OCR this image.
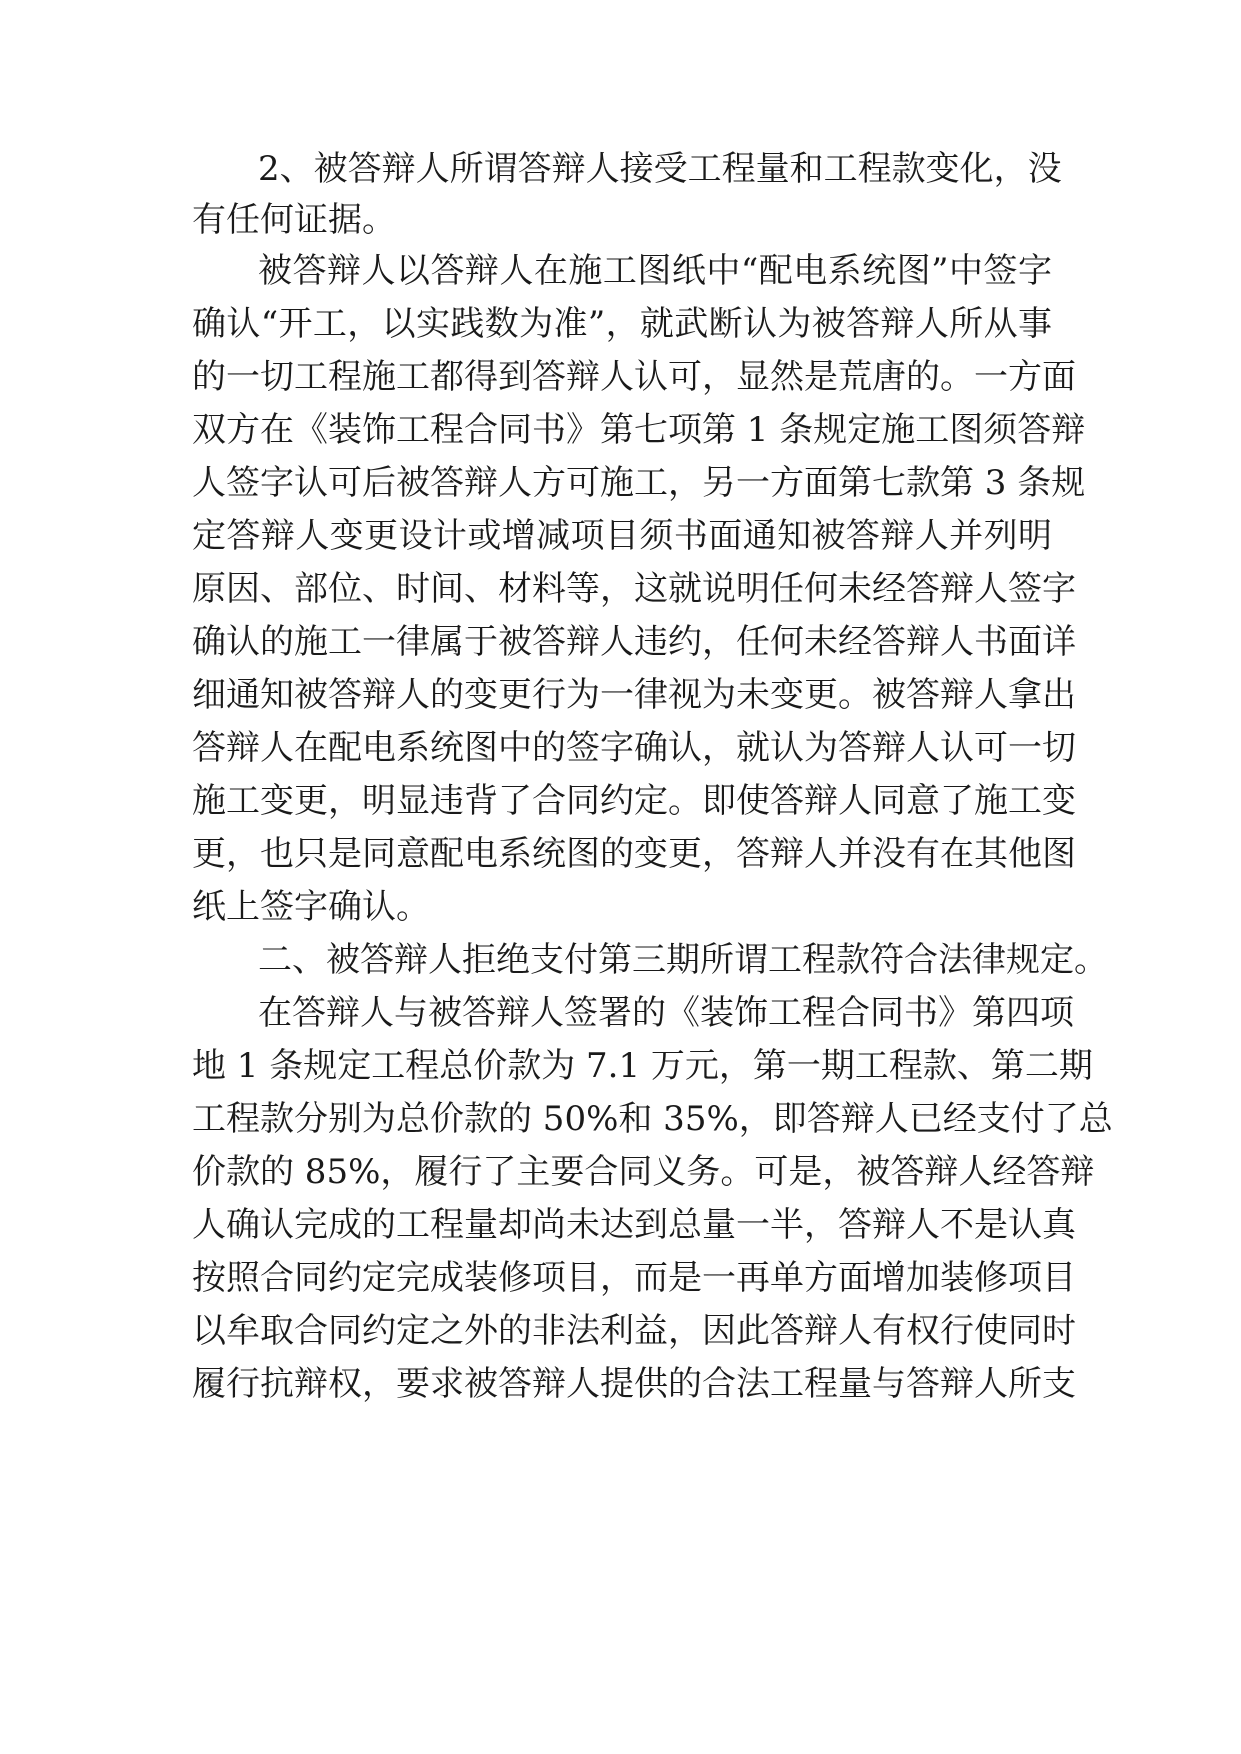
2、被答辩人所谓答辩人接受工程量和工程款变化，没
有任何证据。
被答辩人以答辩人在施工图纸中“配电系统图”中签字
确认“开工，以实践数为准”，就武断认为被答辩人所从事
的一切工程施工都得到答辩人认可，显然是荒唐的。一方面
双方在《装饰工程合同书》第七项第 1 条规定施工图须答辩
人签字认可后被答辩人方可施工，另一方面第七款第 3 条规
定答辩人变更设计或增减项目须书面通知被答辩人并列明
原因、部位、时间、材料等，这就说明任何未经答辩人签字
确认的施工一律属于被答辩人违约，任何未经答辩人书面详
细通知被答辩人的变更行为一律视为未变更。被答辩人拿出
答辩人在配电系统图中的签字确认，就认为答辩人认可一切
施工变更，明显违背了合同约定。即使答辩人同意了施工变
更，也只是同意配电系统图的变更，答辩人并没有在其他图
纸上签字确认。
二、被答辩人拒绝支付第三期所谓工程款符合法律规定。
在答辩人与被答辩人签署的《装饰工程合同书》第四项
地 1 条规定工程总价款为 7.1 万元，第一期工程款、第二期
工程款分别为总价款的 50%和 35%，即答辩人已经支付了总
价款的 85%，履行了主要合同义务。可是，被答辩人经答辩
人确认完成的工程量却尚未达到总量一半，答辩人不是认真
按照合同约定完成装修项目，而是一再单方面增加装修项目
以牟取合同约定之外的非法利益，因此答辩人有权行使同时
履行抗辩权，要求被答辩人提供的合法工程量与答辩人所支
